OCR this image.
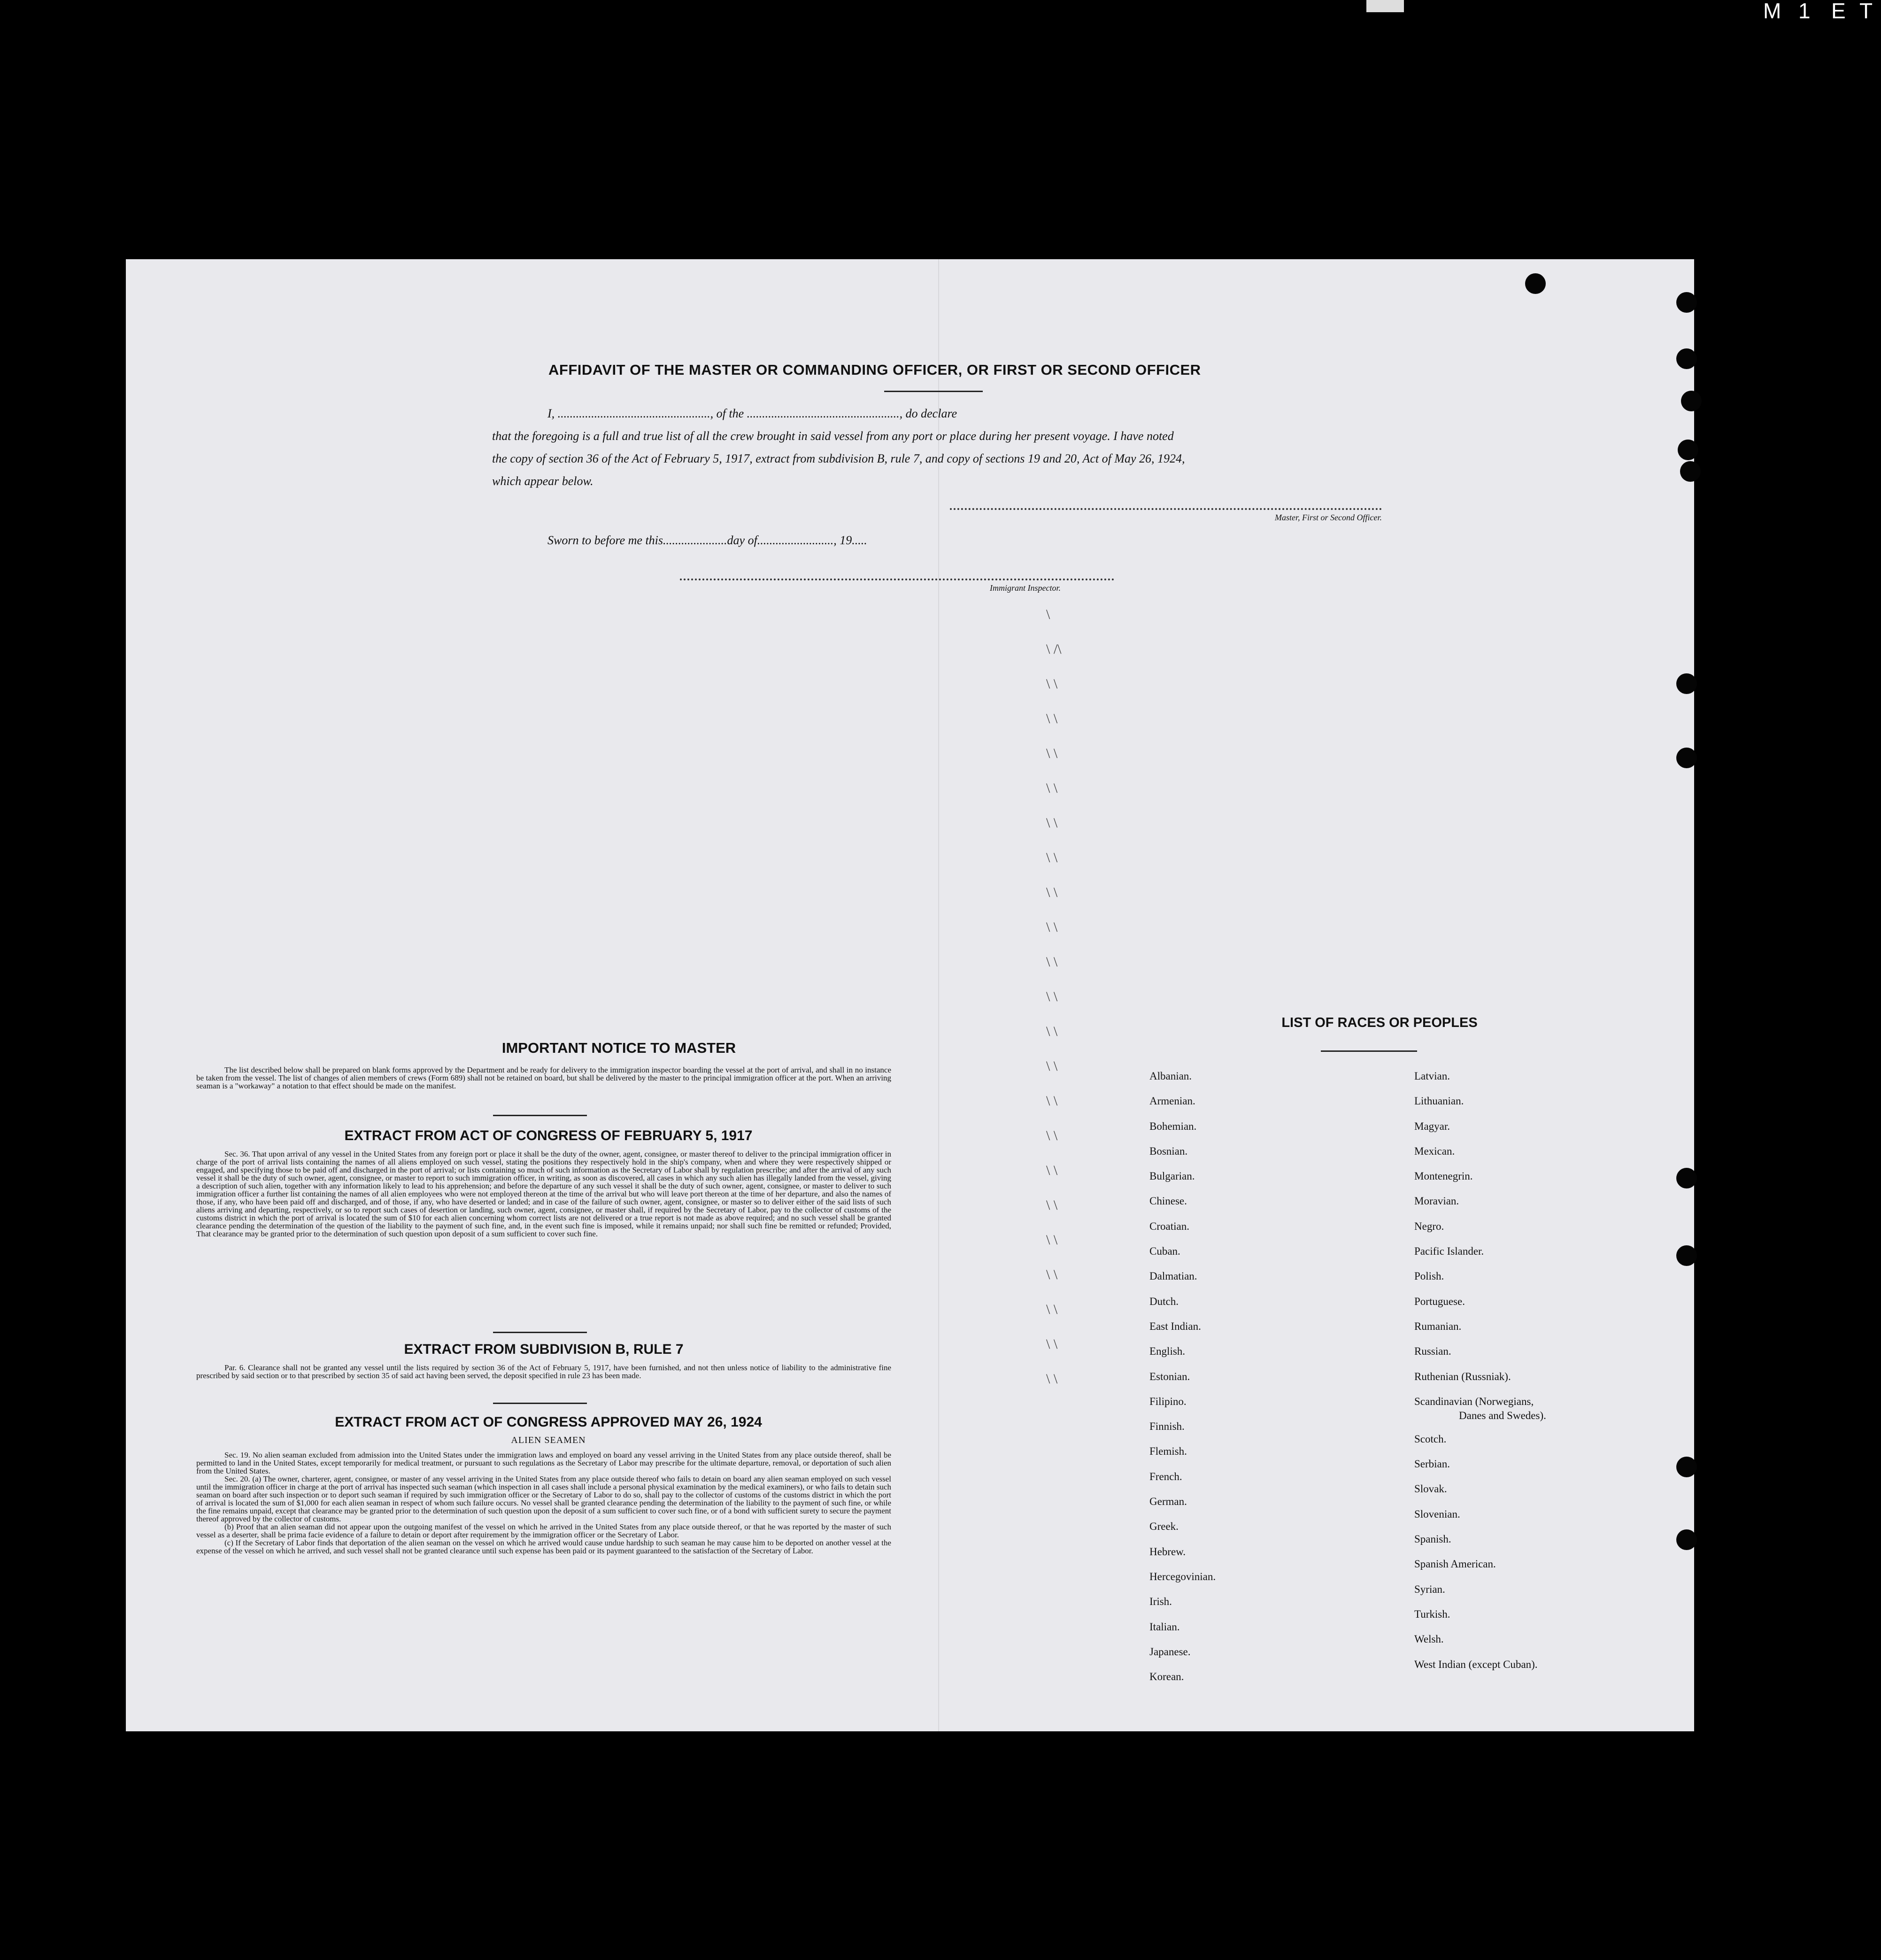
M 1 E T
AFFIDAVIT OF THE MASTER OR COMMANDING OFFICER, OR FIRST OR SECOND OFFICER
I, .................................................., of the .................................................., do declare
that the foregoing is a full and true list of all the crew brought in said vessel from any port or place during her present voyage. I have noted
the copy of section 36 of the Act of February 5, 1917, extract from subdivision B, rule 7, and copy of sections 19 and 20, Act of May 26, 1924,
which appear below.
Master, First or Second Officer.
Sworn to before me this.....................day of........................., 19.....
Immigrant Inspector.
\
\ /\
\ \
\ \
\ \
\ \
\ \
\ \
\ \
\ \
\ \
\ \
\ \
\ \
\ \
\ \
\ \
\ \
\ \
\ \
\ \
\ \
\ \
IMPORTANT NOTICE TO MASTER

The list described below shall be prepared on blank forms approved by the Department and be ready for delivery to the immigration inspector boarding the vessel at the port of arrival, and shall in no instance be taken from the vessel. The list of changes of alien members of crews (Form 689) shall not be retained on board, but shall be delivered by the master to the principal immigration officer at the port. When an arriving seaman is a "workaway" a notation to that effect should be made on the manifest.

EXTRACT FROM ACT OF CONGRESS OF FEBRUARY 5, 1917

Sec. 36. That upon arrival of any vessel in the United States from any foreign port or place it shall be the duty of the owner, agent, consignee, or master thereof to deliver to the principal immigration officer in charge of the port of arrival lists containing the names of all aliens employed on such vessel, stating the positions they respectively hold in the ship's company, when and where they were respectively shipped or engaged, and specifying those to be paid off and discharged in the port of arrival; or lists containing so much of such information as the Secretary of Labor shall by regulation prescribe; and after the arrival of any such vessel it shall be the duty of such owner, agent, consignee, or master to report to such immigration officer, in writing, as soon as discovered, all cases in which any such alien has illegally landed from the vessel, giving a description of such alien, together with any information likely to lead to his apprehension; and before the departure of any such vessel it shall be the duty of such owner, agent, consignee, or master to deliver to such immigration officer a further list containing the names of all alien employees who were not employed thereon at the time of the arrival but who will leave port thereon at the time of her departure, and also the names of those, if any, who have been paid off and discharged, and of those, if any, who have deserted or landed; and in case of the failure of such owner, agent, consignee, or master so to deliver either of the said lists of such aliens arriving and departing, respectively, or so to report such cases of desertion or landing, such owner, agent, consignee, or master shall, if required by the Secretary of Labor, pay to the collector of customs of the customs district in which the port of arrival is located the sum of $10 for each alien concerning whom correct lists are not delivered or a true report is not made as above required; and no such vessel shall be granted clearance pending the determination of the question of the liability to the payment of such fine, and, in the event such fine is imposed, while it remains unpaid; nor shall such fine be remitted or refunded; Provided, That clearance may be granted prior to the determination of such question upon deposit of a sum sufficient to cover such fine.

EXTRACT FROM SUBDIVISION B, RULE 7

Par. 6. Clearance shall not be granted any vessel until the lists required by section 36 of the Act of February 5, 1917, have been furnished, and not then unless notice of liability to the administrative fine prescribed by said section or to that prescribed by section 35 of said act having been served, the deposit specified in rule 23 has been made.

EXTRACT FROM ACT OF CONGRESS APPROVED MAY 26, 1924
ALIEN SEAMEN

Sec. 19. No alien seaman excluded from admission into the United States under the immigration laws and employed on board any vessel arriving in the United States from any place outside thereof, shall be permitted to land in the United States, except temporarily for medical treatment, or pursuant to such regulations as the Secretary of Labor may prescribe for the ultimate departure, removal, or deportation of such alien from the United States.

Sec. 20. (a) The owner, charterer, agent, consignee, or master of any vessel arriving in the United States from any place outside thereof who fails to detain on board any alien seaman employed on such vessel until the immigration officer in charge at the port of arrival has inspected such seaman (which inspection in all cases shall include a personal physical examination by the medical examiners), or who fails to detain such seaman on board after such inspection or to deport such seaman if required by such immigration officer or the Secretary of Labor to do so, shall pay to the collector of customs of the customs district in which the port of arrival is located the sum of $1,000 for each alien seaman in respect of whom such failure occurs. No vessel shall be granted clearance pending the determination of the liability to the payment of such fine, or while the fine remains unpaid, except that clearance may be granted prior to the determination of such question upon the deposit of a sum sufficient to cover such fine, or of a bond with sufficient surety to secure the payment thereof approved by the collector of customs.

(b) Proof that an alien seaman did not appear upon the outgoing manifest of the vessel on which he arrived in the United States from any place outside thereof, or that he was reported by the master of such vessel as a deserter, shall be prima facie evidence of a failure to detain or deport after requirement by the immigration officer or the Secretary of Labor.

(c) If the Secretary of Labor finds that deportation of the alien seaman on the vessel on which he arrived would cause undue hardship to such seaman he may cause him to be deported on another vessel at the expense of the vessel on which he arrived, and such vessel shall not be granted clearance until such expense has been paid or its payment guaranteed to the satisfaction of the Secretary of Labor.

LIST OF RACES OR PEOPLES
Albanian.
Armenian.
Bohemian.
Bosnian.
Bulgarian.
Chinese.
Croatian.
Cuban.
Dalmatian.
Dutch.
East Indian.
English.
Estonian.
Filipino.
Finnish.
Flemish.
French.
German.
Greek.
Hebrew.
Hercegovinian.
Irish.
Italian.
Japanese.
Korean.
Latvian.
Lithuanian.
Magyar.
Mexican.
Montenegrin.
Moravian.
Negro.
Pacific Islander.
Polish.
Portuguese.
Rumanian.
Russian.
Ruthenian (Russniak).
Scandinavian (Norwegians,
Danes and Swedes).
Scotch.
Serbian.
Slovak.
Slovenian.
Spanish.
Spanish American.
Syrian.
Turkish.
Welsh.
West Indian (except Cuban).
